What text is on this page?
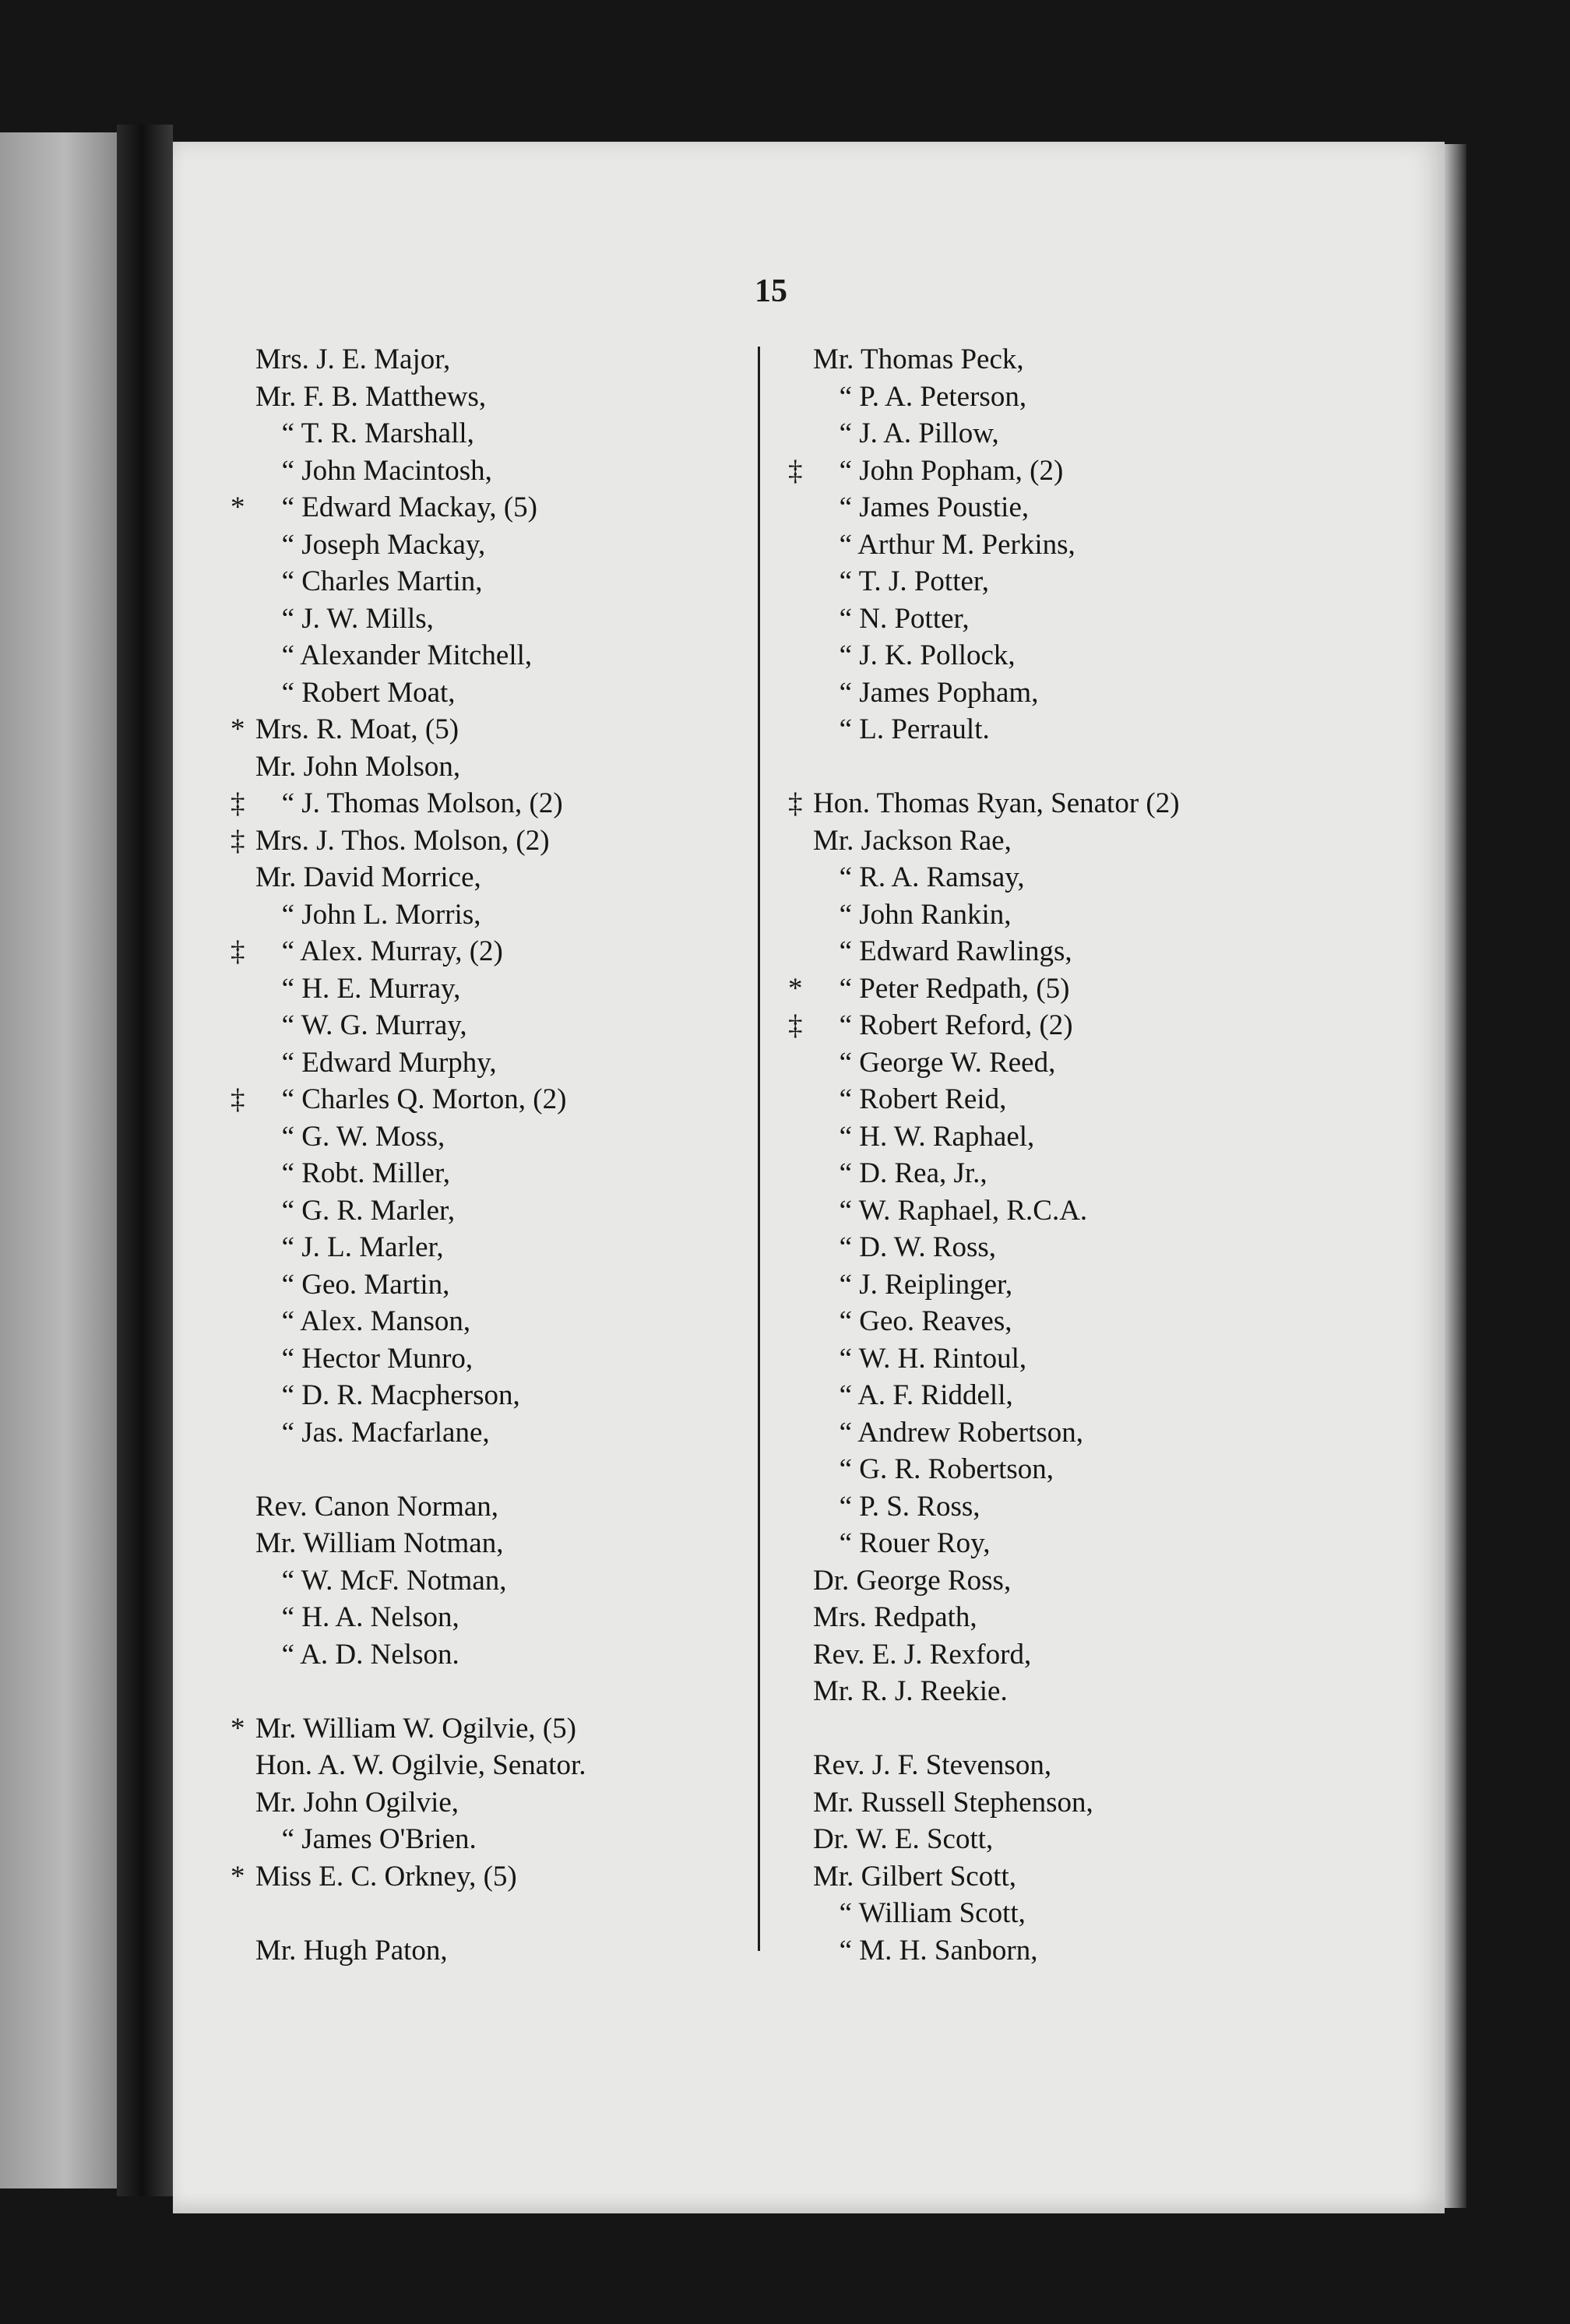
15
Mrs. J. E. Major,
Mr. F. B. Matthews,
“ T. R. Marshall,
“ John Macintosh,
*	“ Edward Mackay, (5)
“ Joseph Mackay,
“ Charles Martin,
“ J. W. Mills,
“ Alexander Mitchell,
“ Robert Moat,
* Mrs. R. Moat, (5)
Mr. John Molson,
‡	“ J. Thomas Molson, (2)
‡ Mrs. J. Thos. Molson, (2)
Mr. David Morrice,
“ John L. Morris,
‡	“ Alex. Murray, (2)
“ H. E. Murray,
“ W. G. Murray,
“ Edward Murphy,
‡	“ Charles Q. Morton, (2)
“ G. W. Moss,
“ Robt. Miller,
“ G. R. Marler,
“ J. L. Marler,
“ Geo. Martin,
“ Alex. Manson,
“ Hector Munro,
“ D. R. Macpherson,
“ Jas. Macfarlane,
Rev. Canon Norman,
Mr. William Notman,
“ W. McF. Notman,
“ H. A. Nelson,
“ A. D. Nelson.
* Mr. William W. Ogilvie, (5)
Hon. A. W. Ogilvie, Senator.
Mr. John Ogilvie,
“ James O'Brien.
* Miss E. C. Orkney, (5)
Mr. Hugh Paton,
Mr. Thomas Peck,
“ P. A. Peterson,
“ J. A. Pillow,
‡	“ John Popham, (2)
“ James Poustie,
“ Arthur M. Perkins,
“ T. J. Potter,
“ N. Potter,
“ J. K. Pollock,
“ James Popham,
“ L. Perrault.
‡ Hon. Thomas Ryan, Senator (2)
Mr. Jackson Rae,
“ R. A. Ramsay,
“ John Rankin,
“ Edward Rawlings,
*	“ Peter Redpath, (5)
‡	“ Robert Reford, (2)
“ George W. Reed,
“ Robert Reid,
“ H. W. Raphael,
“ D. Rea, Jr.,
“ W. Raphael, R.C.A.
“ D. W. Ross,
“ J. Reiplinger,
“ Geo. Reaves,
“ W. H. Rintoul,
“ A. F. Riddell,
“ Andrew Robertson,
“ G. R. Robertson,
“ P. S. Ross,
“ Rouer Roy,
Dr. George Ross,
Mrs. Redpath,
Rev. E. J. Rexford,
Mr. R. J. Reekie.
Rev. J. F. Stevenson,
Mr. Russell Stephenson,
Dr. W. E. Scott,
Mr. Gilbert Scott,
“ William Scott,
“ M. H. Sanborn,
